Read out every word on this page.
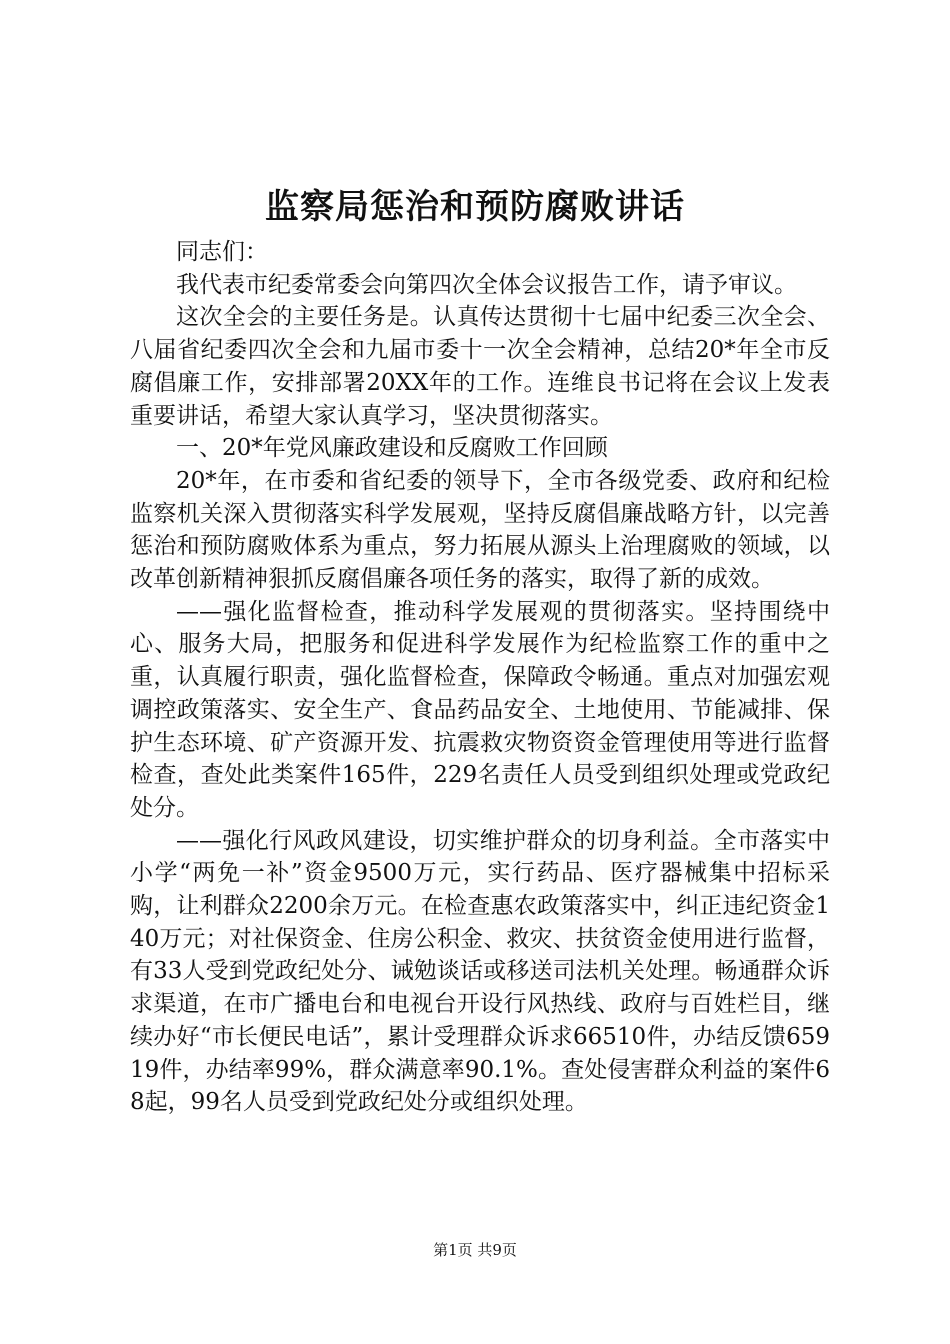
监察局惩治和预防腐败讲话

同志们：

我代表市纪委常委会向第四次全体会议报告工作，请予审议。

这次全会的主要任务是。认真传达贯彻十七届中纪委三次全会、八届省纪委四次全会和九届市委十一次全会精神，总结20*年全市反腐倡廉工作，安排部署20XX年的工作。连维良书记将在会议上发表重要讲话，希望大家认真学习，坚决贯彻落实。

一、20*年党风廉政建设和反腐败工作回顾

20*年，在市委和省纪委的领导下，全市各级党委、政府和纪检监察机关深入贯彻落实科学发展观，坚持反腐倡廉战略方针，以完善惩治和预防腐败体系为重点，努力拓展从源头上治理腐败的领域，以改革创新精神狠抓反腐倡廉各项任务的落实，取得了新的成效。

——强化监督检查，推动科学发展观的贯彻落实。坚持围绕中心、服务大局，把服务和促进科学发展作为纪检监察工作的重中之重，认真履行职责，强化监督检查，保障政令畅通。重点对加强宏观调控政策落实、安全生产、食品药品安全、土地使用、节能减排、保护生态环境、矿产资源开发、抗震救灾物资资金管理使用等进行监督检查，查处此类案件165件，229名责任人员受到组织处理或党政纪处分。

——强化行风政风建设，切实维护群众的切身利益。全市落实中小学“两免一补”资金9500万元，实行药品、医疗器械集中招标采购，让利群众2200余万元。在检查惠农政策落实中，纠正违纪资金140万元；对社保资金、住房公积金、救灾、扶贫资金使用进行监督，有33人受到党政纪处分、诫勉谈话或移送司法机关处理。畅通群众诉求渠道，在市广播电台和电视台开设行风热线、政府与百姓栏目，继续办好“市长便民电话”，累计受理群众诉求66510件，办结反馈65919件，办结率99%，群众满意率90.1%。查处侵害群众利益的案件68起，99名人员受到党政纪处分或组织处理。

第1页 共9页
